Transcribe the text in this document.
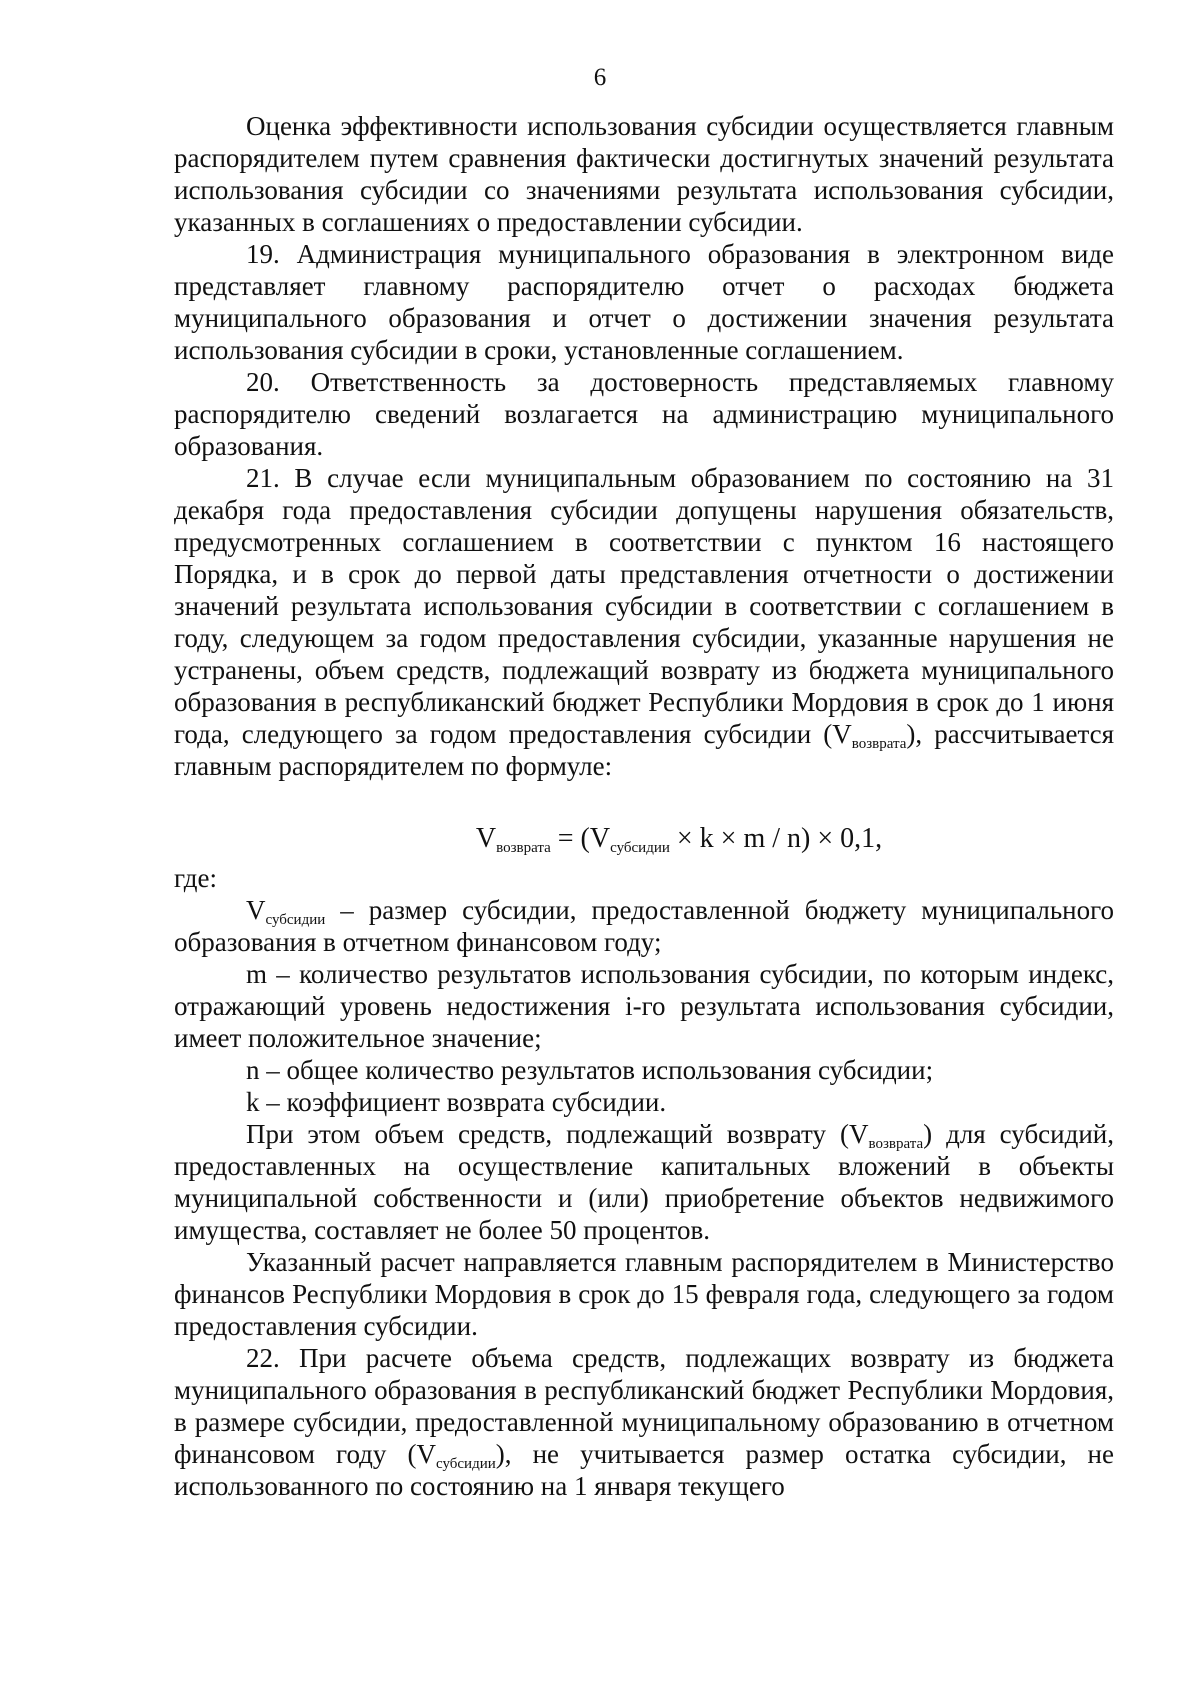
6

Оценка эффективности использования субсидии осуществляется главным распорядителем путем сравнения фактически достигнутых значений результата использования субсидии со значениями результата использования субсидии, указанных в соглашениях о предоставлении субсидии.

19. Администрация муниципального образования в электронном виде представляет главному распорядителю отчет о расходах бюджета муниципального образования и отчет о достижении значения результата использования субсидии в сроки, установленные соглашением.

20. Ответственность за достоверность представляемых главному распорядителю сведений возлагается на администрацию муниципального образования.

21. В случае если муниципальным образованием по состоянию на 31 декабря года предоставления субсидии допущены нарушения обязательств, предусмотренных соглашением в соответствии с пунктом 16 настоящего Порядка, и в срок до первой даты представления отчетности о достижении значений результата использования субсидии в соответствии с соглашением в году, следующем за годом предоставления субсидии, указанные нарушения не устранены, объем средств, подлежащий возврату из бюджета муниципального образования в республиканский бюджет Республики Мордовия в срок до 1 июня года, следующего за годом предоставления субсидии $(V_{возврата})$, рассчитывается главным распорядителем по формуле:

$V_{возврата} = (V_{субсидии} \times k \times m / n) \times 0,1$,

где:

$V_{субсидии}$ – размер субсидии, предоставленной бюджету муниципального образования в отчетном финансовом году;

m – количество результатов использования субсидии, по которым индекс, отражающий уровень недостижения i-го результата использования субсидии, имеет положительное значение;

n – общее количество результатов использования субсидии;

k – коэффициент возврата субсидии.

При этом объем средств, подлежащий возврату $(V_{возврата})$ для субсидий, предоставленных на осуществление капитальных вложений в объекты муниципальной собственности и (или) приобретение объектов недвижимого имущества, составляет не более 50 процентов.

Указанный расчет направляется главным распорядителем в Министерство финансов Республики Мордовия в срок до 15 февраля года, следующего за годом предоставления субсидии.

22. При расчете объема средств, подлежащих возврату из бюджета муниципального образования в республиканский бюджет Республики Мордовия, в размере субсидии, предоставленной муниципальному образованию в отчетном финансовом году $(V_{субсидии})$, не учитывается размер остатка субсидии, не использованного по состоянию на 1 января текущего
